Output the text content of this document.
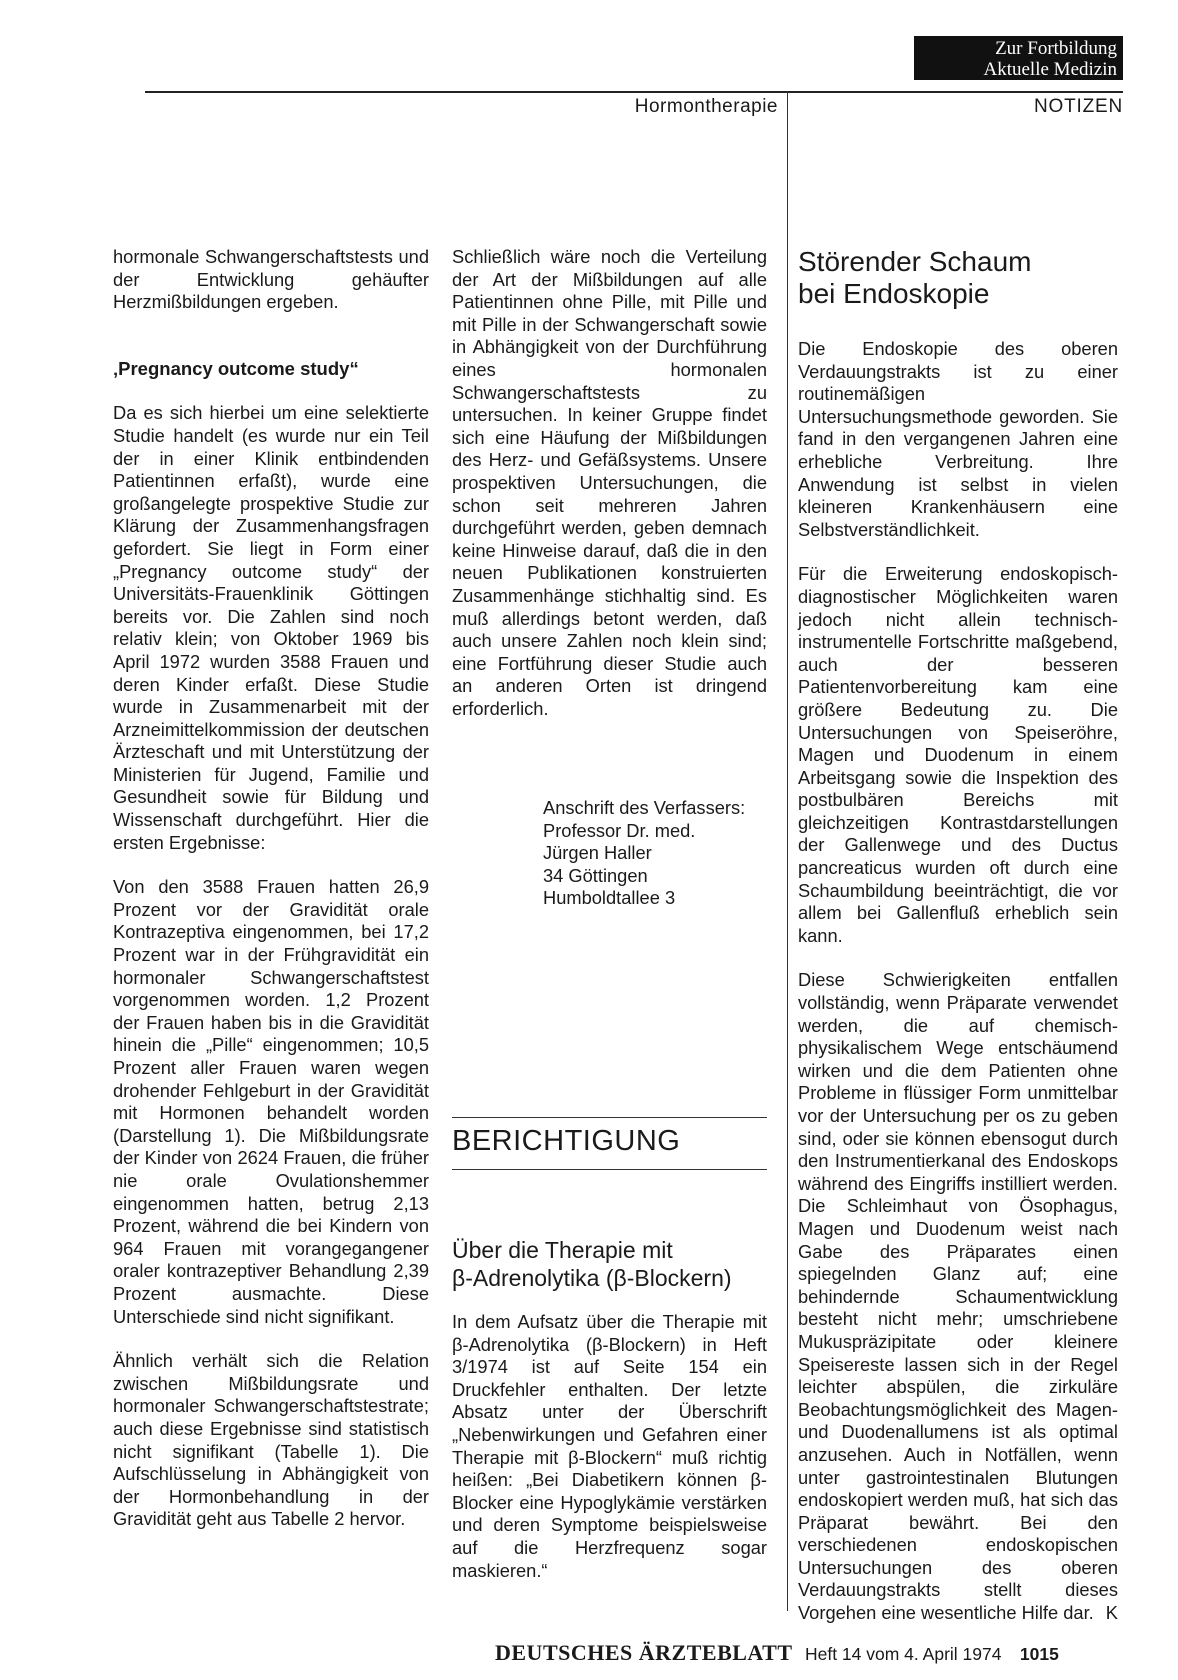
Zur Fortbildung
Aktuelle Medizin
Hormontherapie	NOTIZEN

hormonale Schwangerschaftstests und der Entwicklung gehäufter Herzmißbildungen ergeben.

‚Pregnancy outcome study“

Da es sich hierbei um eine selektierte Studie handelt (es wurde nur ein Teil der in einer Klinik entbindenden Patientinnen erfaßt), wurde eine großangelegte prospektive Studie zur Klärung der Zusammenhangsfragen gefordert. Sie liegt in Form einer „Pregnancy outcome study“ der Universitäts-Frauenklinik Göttingen bereits vor. Die Zahlen sind noch relativ klein; von Oktober 1969 bis April 1972 wurden 3588 Frauen und deren Kinder erfaßt. Diese Studie wurde in Zusammenarbeit mit der Arzneimittelkommission der deutschen Ärzteschaft und mit Unterstützung der Ministerien für Jugend, Familie und Gesundheit sowie für Bildung und Wissenschaft durchgeführt. Hier die ersten Ergebnisse:

Von den 3588 Frauen hatten 26,9 Prozent vor der Gravidität orale Kontrazeptiva eingenommen, bei 17,2 Prozent war in der Frühgravidität ein hormonaler Schwangerschaftstest vorgenommen worden. 1,2 Prozent der Frauen haben bis in die Gravidität hinein die „Pille“ eingenommen; 10,5 Prozent aller Frauen waren wegen drohender Fehlgeburt in der Gravidität mit Hormonen behandelt worden (Darstellung 1). Die Mißbildungsrate der Kinder von 2624 Frauen, die früher nie orale Ovulationshemmer eingenommen hatten, betrug 2,13 Prozent, während die bei Kindern von 964 Frauen mit vorangegangener oraler kontrazeptiver Behandlung 2,39 Prozent ausmachte. Diese Unterschiede sind nicht signifikant.

Ähnlich verhält sich die Relation zwischen Mißbildungsrate und hormonaler Schwangerschaftstestrate; auch diese Ergebnisse sind statistisch nicht signifikant (Tabelle 1). Die Aufschlüsselung in Abhängigkeit von der Hormonbehandlung in der Gravidität geht aus Tabelle 2 hervor.

Schließlich wäre noch die Verteilung der Art der Mißbildungen auf alle Patientinnen ohne Pille, mit Pille und mit Pille in der Schwangerschaft sowie in Abhängigkeit von der Durchführung eines hormonalen Schwangerschaftstests zu untersuchen. In keiner Gruppe findet sich eine Häufung der Mißbildungen des Herz- und Gefäßsystems. Unsere prospektiven Untersuchungen, die schon seit mehreren Jahren durchgeführt werden, geben demnach keine Hinweise darauf, daß die in den neuen Publikationen konstruierten Zusammenhänge stichhaltig sind. Es muß allerdings betont werden, daß auch unsere Zahlen noch klein sind; eine Fortführung dieser Studie auch an anderen Orten ist dringend erforderlich.

Anschrift des Verfassers:
Professor Dr. med.
Jürgen Haller
34 Göttingen
Humboldtallee 3
BERICHTIGUNG
Über die Therapie mit
β-Adrenolytika (β-Blockern)

In dem Aufsatz über die Therapie mit β-Adrenolytika (β-Blockern) in Heft 3/1974 ist auf Seite 154 ein Druckfehler enthalten. Der letzte Absatz unter der Überschrift „Nebenwirkungen und Gefahren einer Therapie mit β-Blockern“ muß richtig heißen: „Bei Diabetikern können β-Blocker eine Hypoglykämie verstärken und deren Symptome beispielsweise auf die Herzfrequenz sogar maskieren.“

Störender Schaum
bei Endoskopie

Die Endoskopie des oberen Verdauungstrakts ist zu einer routinemäßigen Untersuchungsmethode geworden. Sie fand in den vergangenen Jahren eine erhebliche Verbreitung. Ihre Anwendung ist selbst in vielen kleineren Krankenhäusern eine Selbstverständlichkeit.

Für die Erweiterung endoskopisch-diagnostischer Möglichkeiten waren jedoch nicht allein technisch-instrumentelle Fortschritte maßgebend, auch der besseren Patientenvorbereitung kam eine größere Bedeutung zu. Die Untersuchungen von Speiseröhre, Magen und Duodenum in einem Arbeitsgang sowie die Inspektion des postbulbären Bereichs mit gleichzeitigen Kontrastdarstellungen der Gallenwege und des Ductus pancreaticus wurden oft durch eine Schaumbildung beeinträchtigt, die vor allem bei Gallenfluß erheblich sein kann.

Diese Schwierigkeiten entfallen vollständig, wenn Präparate verwendet werden, die auf chemisch-physikalischem Wege entschäumend wirken und die dem Patienten ohne Probleme in flüssiger Form unmittelbar vor der Untersuchung per os zu geben sind, oder sie können ebensogut durch den Instrumentierkanal des Endoskops während des Eingriffs instilliert werden. Die Schleimhaut von Ösophagus, Magen und Duodenum weist nach Gabe des Präparates einen spiegelnden Glanz auf; eine behindernde Schaumentwicklung besteht nicht mehr; umschriebene Mukuspräzipitate oder kleinere Speisereste lassen sich in der Regel leichter abspülen, die zirkuläre Beobachtungsmöglichkeit des Magen- und Duodenallumens ist als optimal anzusehen. Auch in Notfällen, wenn unter gastrointestinalen Blutungen endoskopiert werden muß, hat sich das Präparat bewährt. Bei den verschiedenen endoskopischen Untersuchungen des oberen Verdauungstrakts stellt dieses Vorgehen eine wesentliche Hilfe dar. K

DEUTSCHES ÄRZTEBLATT Heft 14 vom 4. April 1974 1015
